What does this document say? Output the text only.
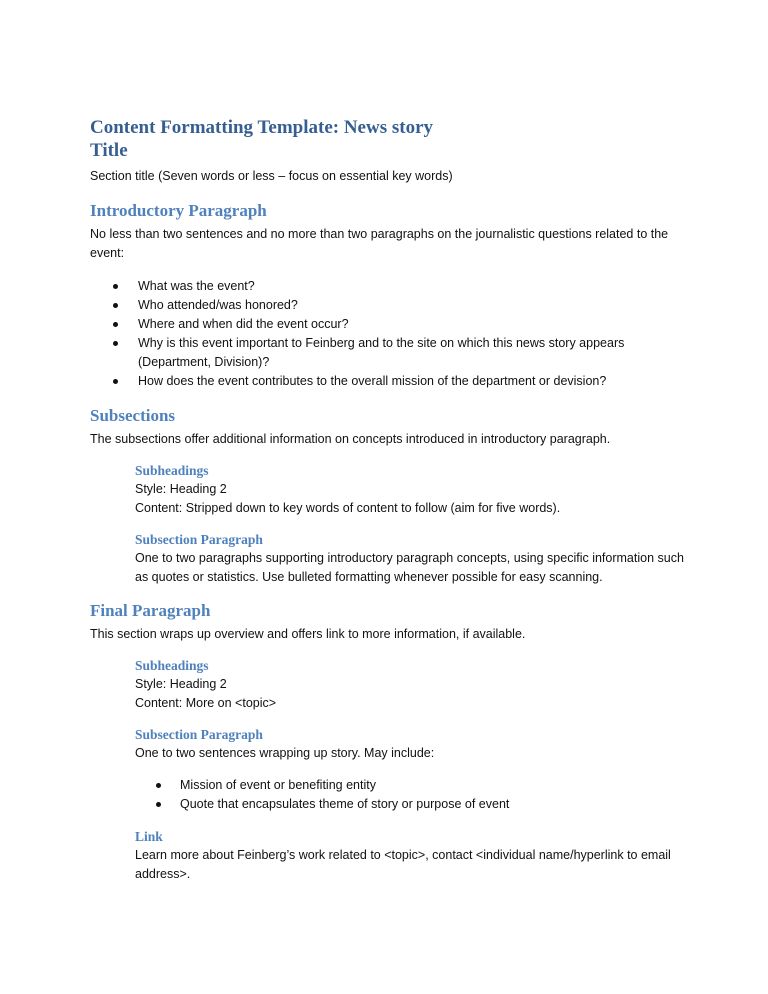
Content Formatting Template: News story
Title

Section title (Seven words or less – focus on essential key words)

Introductory Paragraph

No less than two sentences and no more than two paragraphs on the journalistic questions related to the event:

What was the event?
Who attended/was honored?
Where and when did the event occur?
Why is this event important to Feinberg and to the site on which this news story appears (Department, Division)?
How does the event contributes to the overall mission of the department or devision?
Subsections

The subsections offer additional information on concepts introduced in introductory paragraph.

Subheadings

Style: Heading 2

Content: Stripped down to key words of content to follow (aim for five words).

Subsection Paragraph

One to two paragraphs supporting introductory paragraph concepts, using specific information such as quotes or statistics. Use bulleted formatting whenever possible for easy scanning.

Final Paragraph

This section wraps up overview and offers link to more information, if available.

Subheadings

Style: Heading 2

Content: More on <topic>

Subsection Paragraph

One to two sentences wrapping up story. May include:

Mission of event or benefiting entity
Quote that encapsulates theme of story or purpose of event
Link

Learn more about Feinberg’s work related to <topic>, contact <individual name/hyperlink to email address>.
